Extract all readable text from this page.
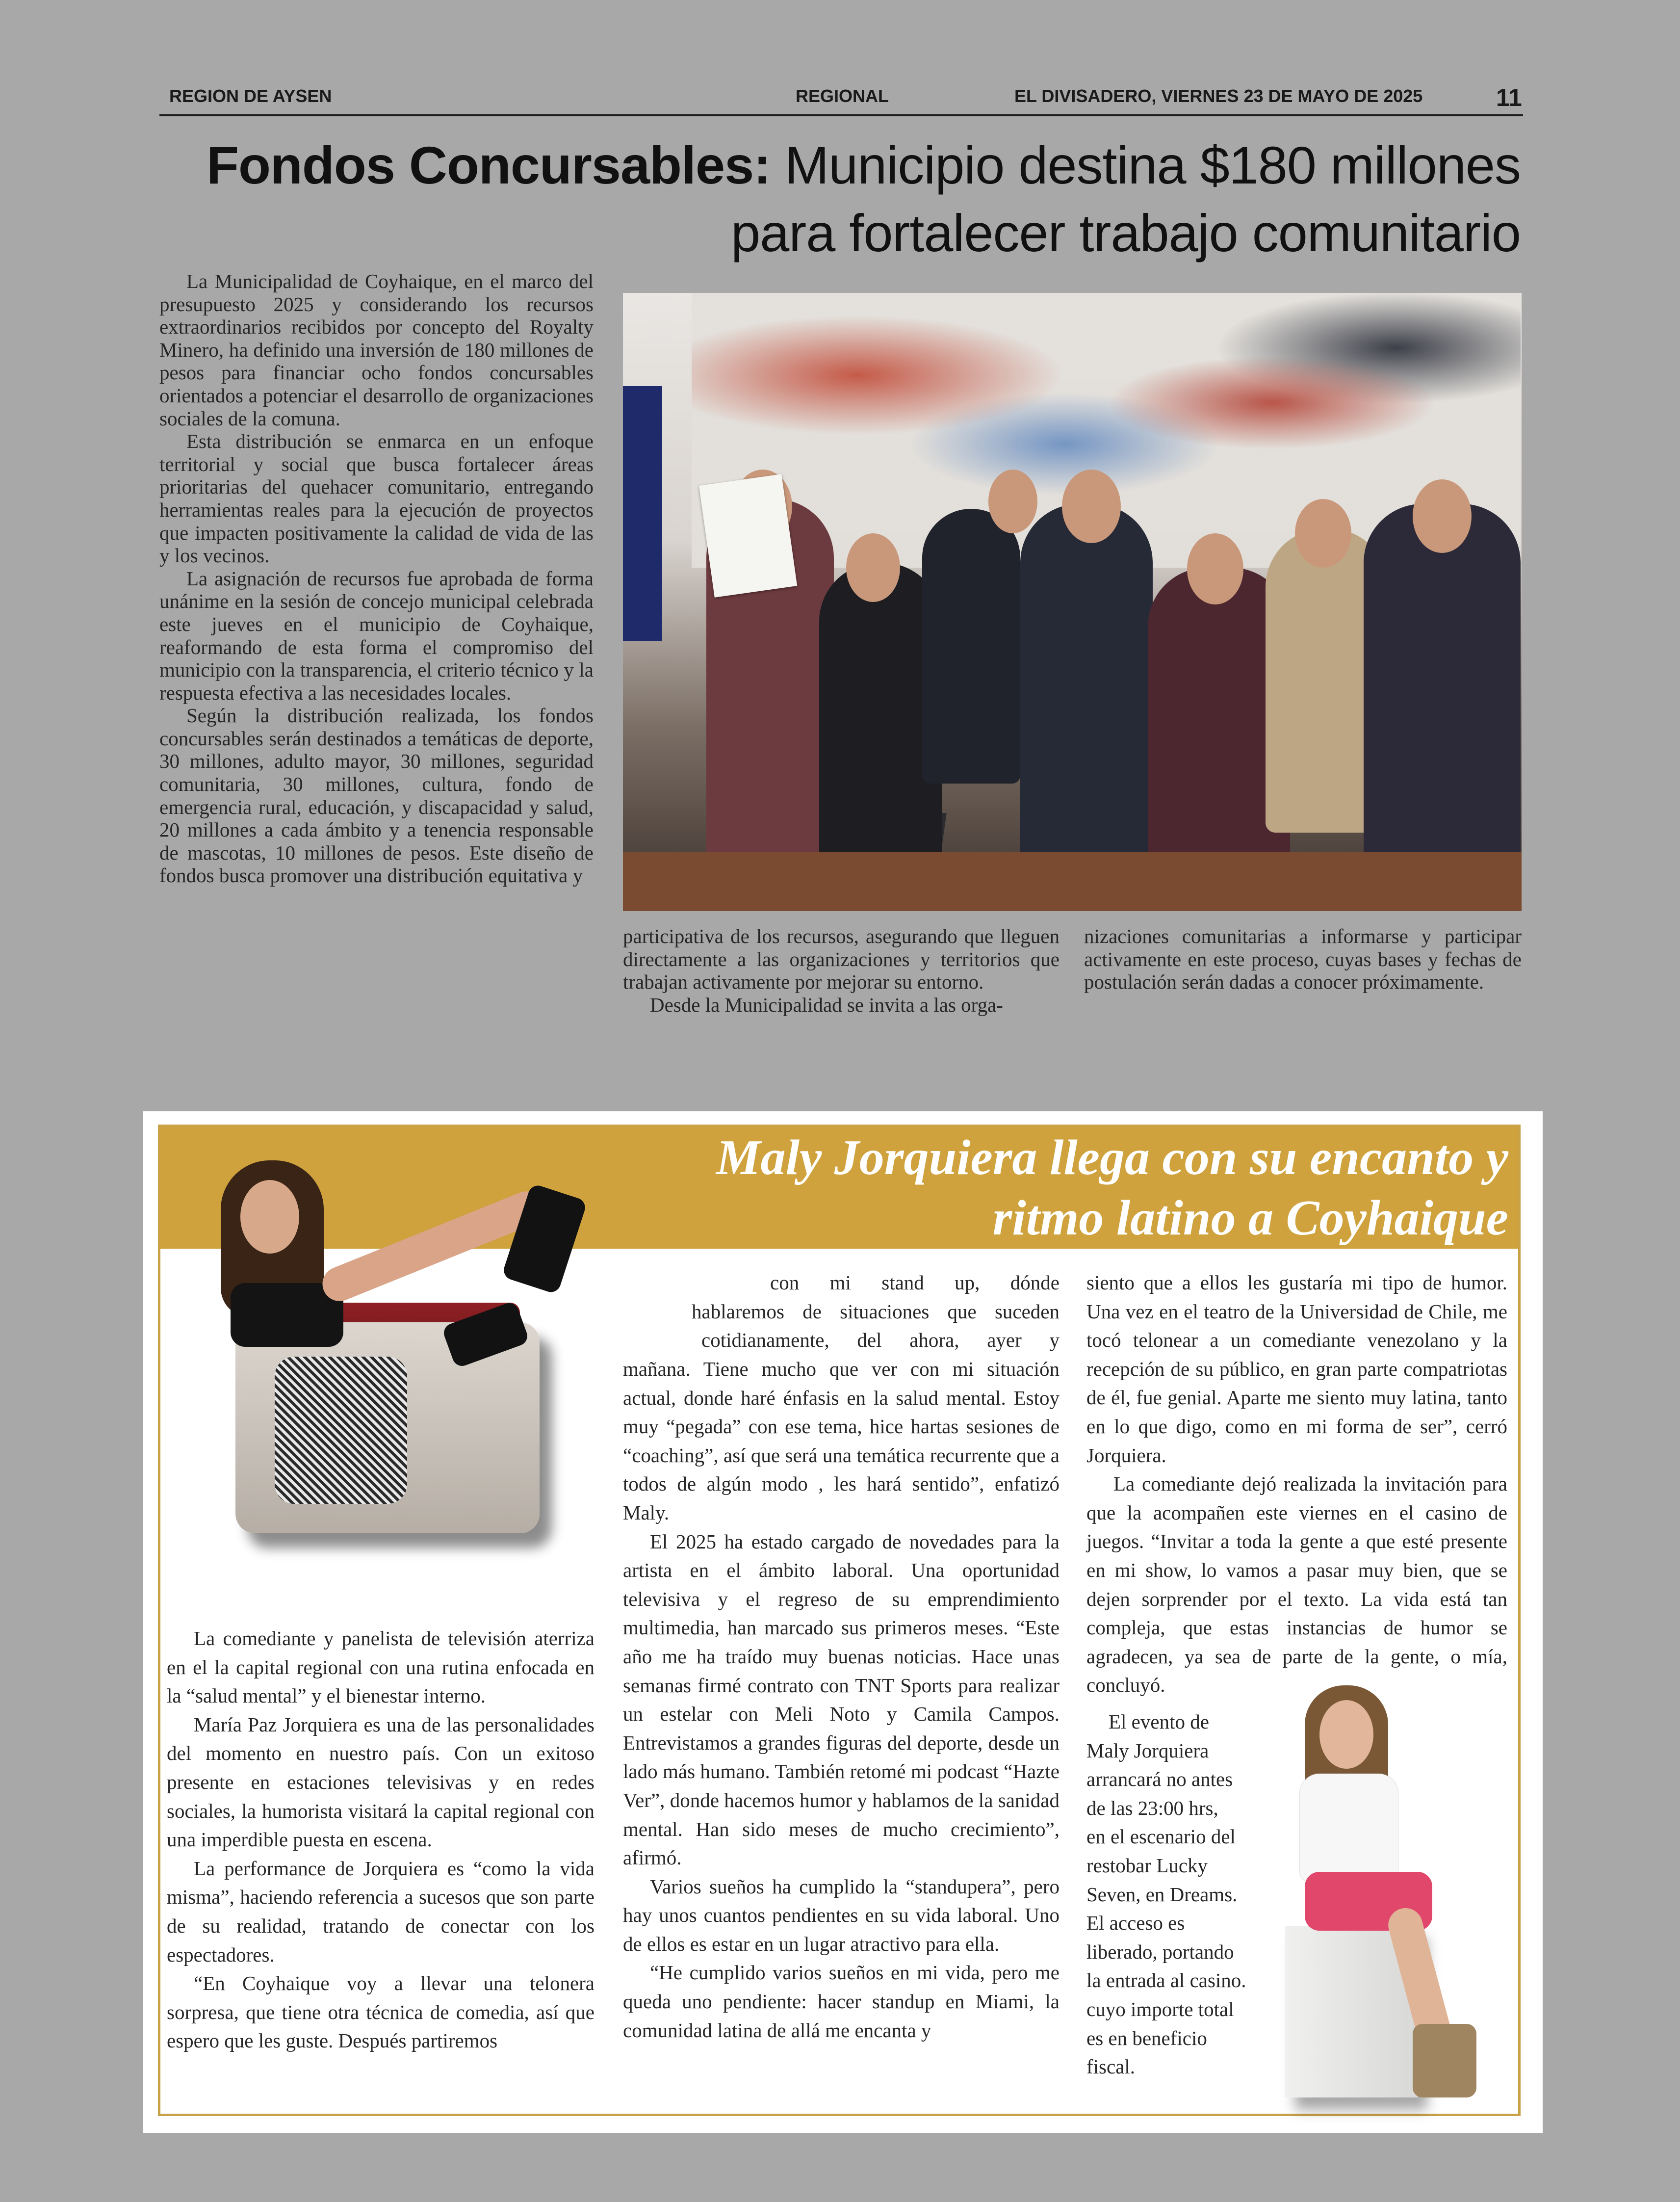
REGION DE AYSEN	REGIONAL	EL DIVISADERO, VIERNES 23 DE MAYO DE 2025	11
Fondos Concursables: Municipio destina $180 millones
para fortalecer trabajo comunitario

La Municipalidad de Coyhaique, en el marco del presupuesto 2025 y considerando los recursos extraordinarios recibidos por concepto del Royalty Minero, ha definido una inversión de 180 millones de pesos para financiar ocho fondos concursables orientados a potenciar el desarrollo de organizaciones sociales de la comuna.

Esta distribución se enmarca en un enfoque territorial y social que busca fortalecer áreas prioritarias del quehacer comunitario, entregando herramientas reales para la ejecución de proyectos que impacten positivamente la calidad de vida de las y los vecinos.

La asignación de recursos fue aprobada de forma unánime en la sesión de concejo municipal celebrada este jueves en el municipio de Coyhaique, reaformando de esta forma el compromiso del municipio con la transparencia, el criterio técnico y la respuesta efectiva a las necesidades locales.

Según la distribución realizada, los fondos concursables serán destinados a temáticas de deporte, 30 millones, adulto mayor, 30 millones, seguridad comunitaria, 30 millones, cultura, fondo de emergencia rural, educación, y discapacidad y salud, 20 millones a cada ámbito y a tenencia responsable de mascotas, 10 millones de pesos. Este diseño de fondos busca promover una distribución equitativa y

participativa de los recursos, asegurando que lleguen directamente a las organizaciones y territorios que trabajan activamente por mejorar su entorno.

Desde la Municipalidad se invita a las orga-

nizaciones comunitarias a informarse y participar activamente en este proceso, cuyas bases y fechas de postulación serán dadas a conocer próximamente.

Maly Jorquiera llega con su encanto y
ritmo latino a Coyhaique

La comediante y panelista de televisión aterriza en el la capital regional con una rutina enfocada en la “salud mental” y el bienestar interno.

María Paz Jorquiera es una de las personalidades del momento en nuestro país. Con un exitoso presente en estaciones televisivas y en redes sociales, la humorista visitará la capital regional con una imperdible puesta en escena.

La performance de Jorquiera es “como la vida misma”, haciendo referencia a sucesos que son parte de su realidad, tratando de conectar con los espectadores.

“En Coyhaique voy a llevar una telonera sorpresa, que tiene otra técnica de comedia, así que espero que les guste. Después partiremos

con mi stand up, dónde
hablaremos de situaciones que suceden
cotidianamente, del ahora, ayer y

mañana. Tiene mucho que ver con mi situación actual, donde haré énfasis en la salud mental. Estoy muy “pegada” con ese tema, hice hartas sesiones de “coaching”, así que será una temática recurrente que a todos de algún modo , les hará sentido”, enfatizó Maly.

El 2025 ha estado cargado de novedades para la artista en el ámbito laboral. Una oportunidad televisiva y el regreso de su emprendimiento multimedia, han marcado sus primeros meses. “Este año me ha traído muy buenas noticias. Hace unas semanas firmé contrato con TNT Sports para realizar un estelar con Meli Noto y Camila Campos. Entrevistamos a grandes figuras del deporte, desde un lado más humano. También retomé mi podcast “Hazte Ver”, donde hacemos humor y hablamos de la sanidad mental. Han sido meses de mucho crecimiento”, afirmó.

Varios sueños ha cumplido la “standupera”, pero hay unos cuantos pendientes en su vida laboral. Uno de ellos es estar en un lugar atractivo para ella.

“He cumplido varios sueños en mi vida, pero me queda uno pendiente: hacer standup en Miami, la comunidad latina de allá me encanta y

siento que a ellos les gustaría mi tipo de humor. Una vez en el teatro de la Universidad de Chile, me tocó telonear a un comediante venezolano y la recepción de su público, en gran parte compatriotas de él, fue genial. Aparte me siento muy latina, tanto en lo que digo, como en mi forma de ser”, cerró Jorquiera.

La comediante dejó realizada la invitación para que la acompañen este viernes en el casino de juegos. “Invitar a toda la gente a que esté presente en mi show, lo vamos a pasar muy bien, que se dejen sorprender por el texto. La vida está tan compleja, que estas instancias de humor se agradecen, ya sea de parte de la gente, o mía, concluyó.

El evento de
Maly Jorquiera
arrancará no antes
de las 23:00 hrs,
en el escenario del
restobar Lucky
Seven, en Dreams.
El acceso es
liberado, portando
la entrada al casino.
cuyo importe total
es en beneficio
fiscal.
